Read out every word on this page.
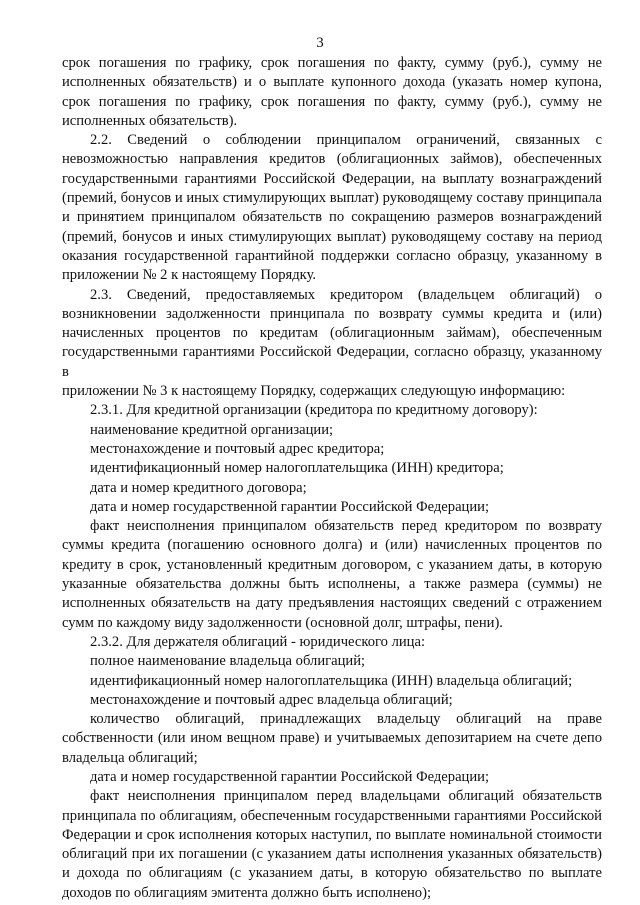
3

срок погашения по графику, срок погашения по факту, сумму (руб.), сумму не исполненных обязательств) и о выплате купонного дохода (указать номер купона, срок погашения по графику, срок погашения по факту, сумму (руб.), сумму не исполненных обязательств).

2.2. Сведений о соблюдении принципалом ограничений, связанных с невозможностью направления кредитов (облигационных займов), обеспеченных государственными гарантиями Российской Федерации, на выплату вознаграждений (премий, бонусов и иных стимулирующих выплат) руководящему составу принципала и принятием принципалом обязательств по сокращению размеров вознаграждений (премий, бонусов и иных стимулирующих выплат) руководящему составу на период оказания государственной гарантийной поддержки согласно образцу, указанному в приложении № 2 к настоящему Порядку.

2.3. Сведений, предоставляемых кредитором (владельцем облигаций) о возникновении задолженности принципала по возврату суммы кредита и (или) начисленных процентов по кредитам (облигационным займам), обеспеченным государственными гарантиями Российской Федерации, согласно образцу, указанному

в

приложении № 3 к настоящему Порядку, содержащих следующую информацию:

2.3.1. Для кредитной организации (кредитора по кредитному договору):

наименование кредитной организации;

местонахождение и почтовый адрес кредитора;

идентификационный номер налогоплательщика (ИНН) кредитора;

дата и номер кредитного договора;

дата и номер государственной гарантии Российской Федерации;

факт неисполнения принципалом обязательств перед кредитором по возврату суммы кредита (погашению основного долга) и (или) начисленных процентов по кредиту в срок, установленный кредитным договором, с указанием даты, в которую указанные обязательства должны быть исполнены, а также размера (суммы) не исполненных обязательств на дату предъявления настоящих сведений с отражением сумм по каждому виду задолженности (основной долг, штрафы, пени).

2.3.2. Для держателя облигаций - юридического лица:

полное наименование владельца облигаций;

идентификационный номер налогоплательщика (ИНН) владельца облигаций;

местонахождение и почтовый адрес владельца облигаций;

количество облигаций, принадлежащих владельцу облигаций на праве собственности (или ином вещном праве) и учитываемых депозитарием на счете депо владельца облигаций;

дата и номер государственной гарантии Российской Федерации;

факт неисполнения принципалом перед владельцами облигаций обязательств принципала по облигациям, обеспеченным государственными гарантиями Российской Федерации и срок исполнения которых наступил, по выплате номинальной стоимости облигаций при их погашении (с указанием даты исполнения указанных обязательств) и дохода по облигациям (с указанием даты, в которую обязательство по выплате доходов по облигациям эмитента должно быть исполнено);
